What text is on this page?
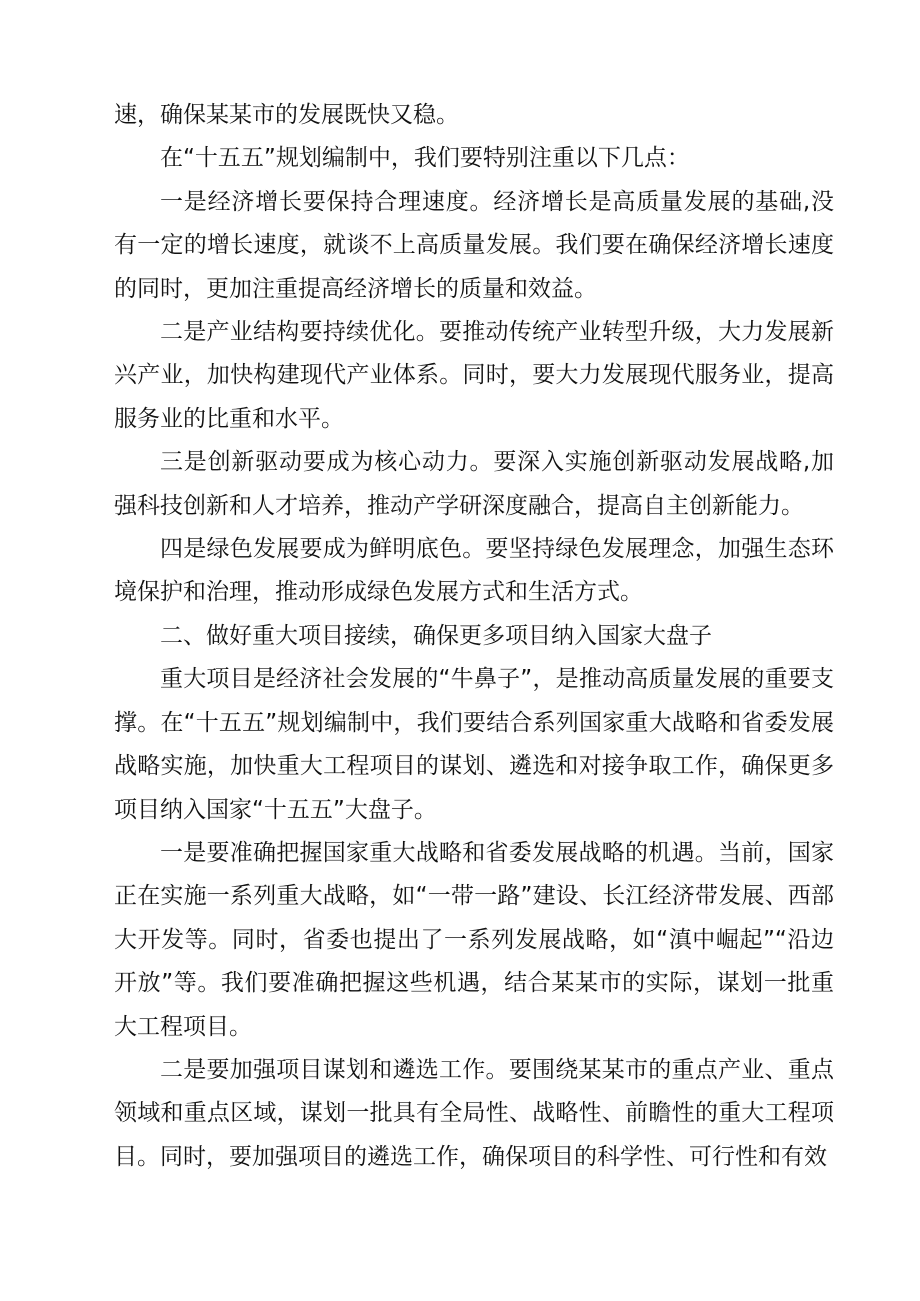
速，确保某某市的发展既快又稳。

在“十五五”规划编制中，我们要特别注重以下几点：

一是经济增长要保持合理速度。经济增长是高质量发展的基础,没有一定的增长速度，就谈不上高质量发展。我们要在确保经济增长速度的同时，更加注重提高经济增长的质量和效益。

二是产业结构要持续优化。要推动传统产业转型升级，大力发展新兴产业，加快构建现代产业体系。同时，要大力发展现代服务业，提高服务业的比重和水平。

三是创新驱动要成为核心动力。要深入实施创新驱动发展战略,加强科技创新和人才培养，推动产学研深度融合，提高自主创新能力。

四是绿色发展要成为鲜明底色。要坚持绿色发展理念，加强生态环境保护和治理，推动形成绿色发展方式和生活方式。

二、做好重大项目接续，确保更多项目纳入国家大盘子

重大项目是经济社会发展的“牛鼻子”，是推动高质量发展的重要支撑。在“十五五”规划编制中，我们要结合系列国家重大战略和省委发展战略实施，加快重大工程项目的谋划、遴选和对接争取工作，确保更多项目纳入国家“十五五”大盘子。

一是要准确把握国家重大战略和省委发展战略的机遇。当前，国家正在实施一系列重大战略，如“一带一路”建设、长江经济带发展、西部大开发等。同时，省委也提出了一系列发展战略，如“滇中崛起”“沿边开放”等。我们要准确把握这些机遇，结合某某市的实际，谋划一批重大工程项目。

二是要加强项目谋划和遴选工作。要围绕某某市的重点产业、重点领域和重点区域，谋划一批具有全局性、战略性、前瞻性的重大工程项目。同时，要加强项目的遴选工作，确保项目的科学性、可行性和有效
